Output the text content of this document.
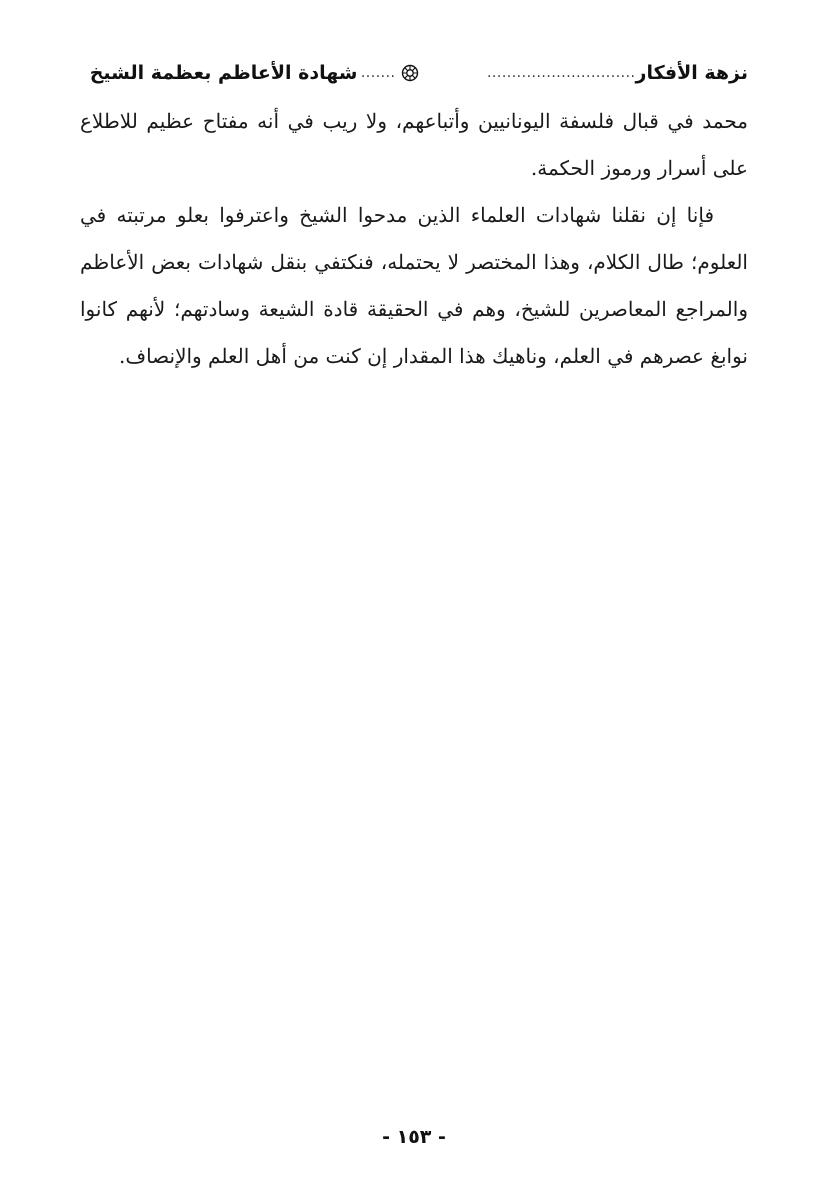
نزهة الأفكار
..............................
.......
شهادة الأعاظم بعظمة الشيخ

محمد في قبال فلسفة اليونانيين وأتباعهم، ولا ريب في أنه مفتاح عظيم للاطلاع على أسرار ورموز الحكمة.

فإنا إن نقلنا شهادات العلماء الذين مدحوا الشيخ واعترفوا بعلو مرتبته في العلوم؛ طال الكلام، وهذا المختصر لا يحتمله، فنكتفي بنقل شهادات بعض الأعاظم والمراجع المعاصرين للشيخ، وهم في الحقيقة قادة الشيعة وسادتهم؛ لأنهم كانوا نوابغ عصرهم في العلم، وناهيك هذا المقدار إن كنت من أهل العلم والإنصاف.

- ١٥٣ -
